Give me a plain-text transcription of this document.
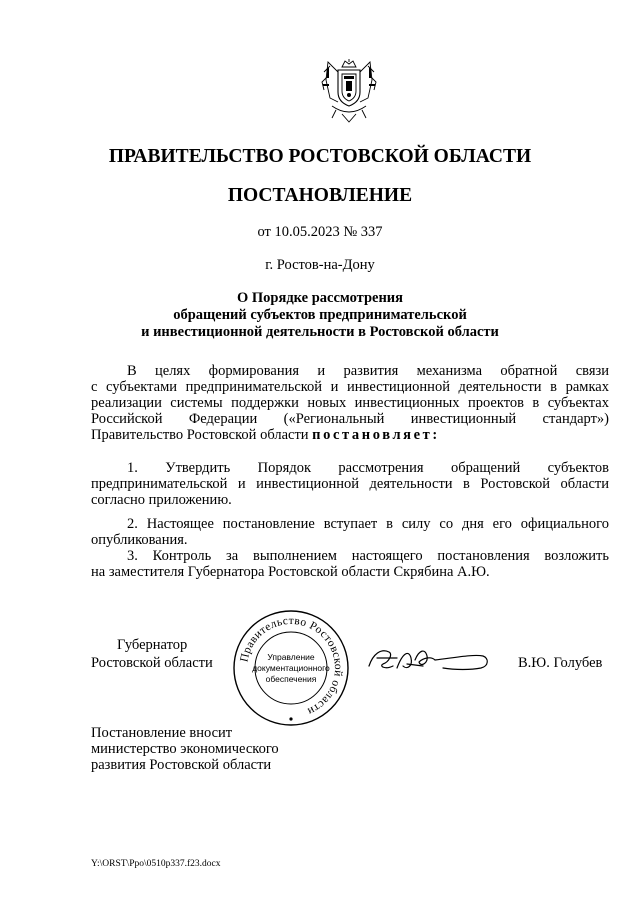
ПРАВИТЕЛЬСТВО РОСТОВСКОЙ ОБЛАСТИ
ПОСТАНОВЛЕНИЕ
от 10.05.2023 № 337
г. Ростов-на-Дону
О Порядке рассмотрения
обращений субъектов предпринимательской
и инвестиционной деятельности в Ростовской области
В целях формирования и развития механизма обратной связи
с субъектами предпринимательской и инвестиционной деятельности в рамках
реализации системы поддержки новых инвестиционных проектов в субъектах
Российской Федерации («Региональный инвестиционный стандарт»)
Правительство Ростовской области постановляет:
1. Утвердить Порядок рассмотрения обращений субъектов
предпринимательской и инвестиционной деятельности в Ростовской области
согласно приложению.
2. Настоящее постановление вступает в силу со дня его официального
опубликования.
3. Контроль за выполнением настоящего постановления возложить
на заместителя Губернатора Ростовской области Скрябина А.Ю.
Губернатор
Ростовской области Правительство Ростовской области
Управление
документационного
обеспечения
В.Ю. Голубев
Постановление вносит
министерство экономического
развития Ростовской области
Y:\ORST\Ppo\0510p337.f23.docx
